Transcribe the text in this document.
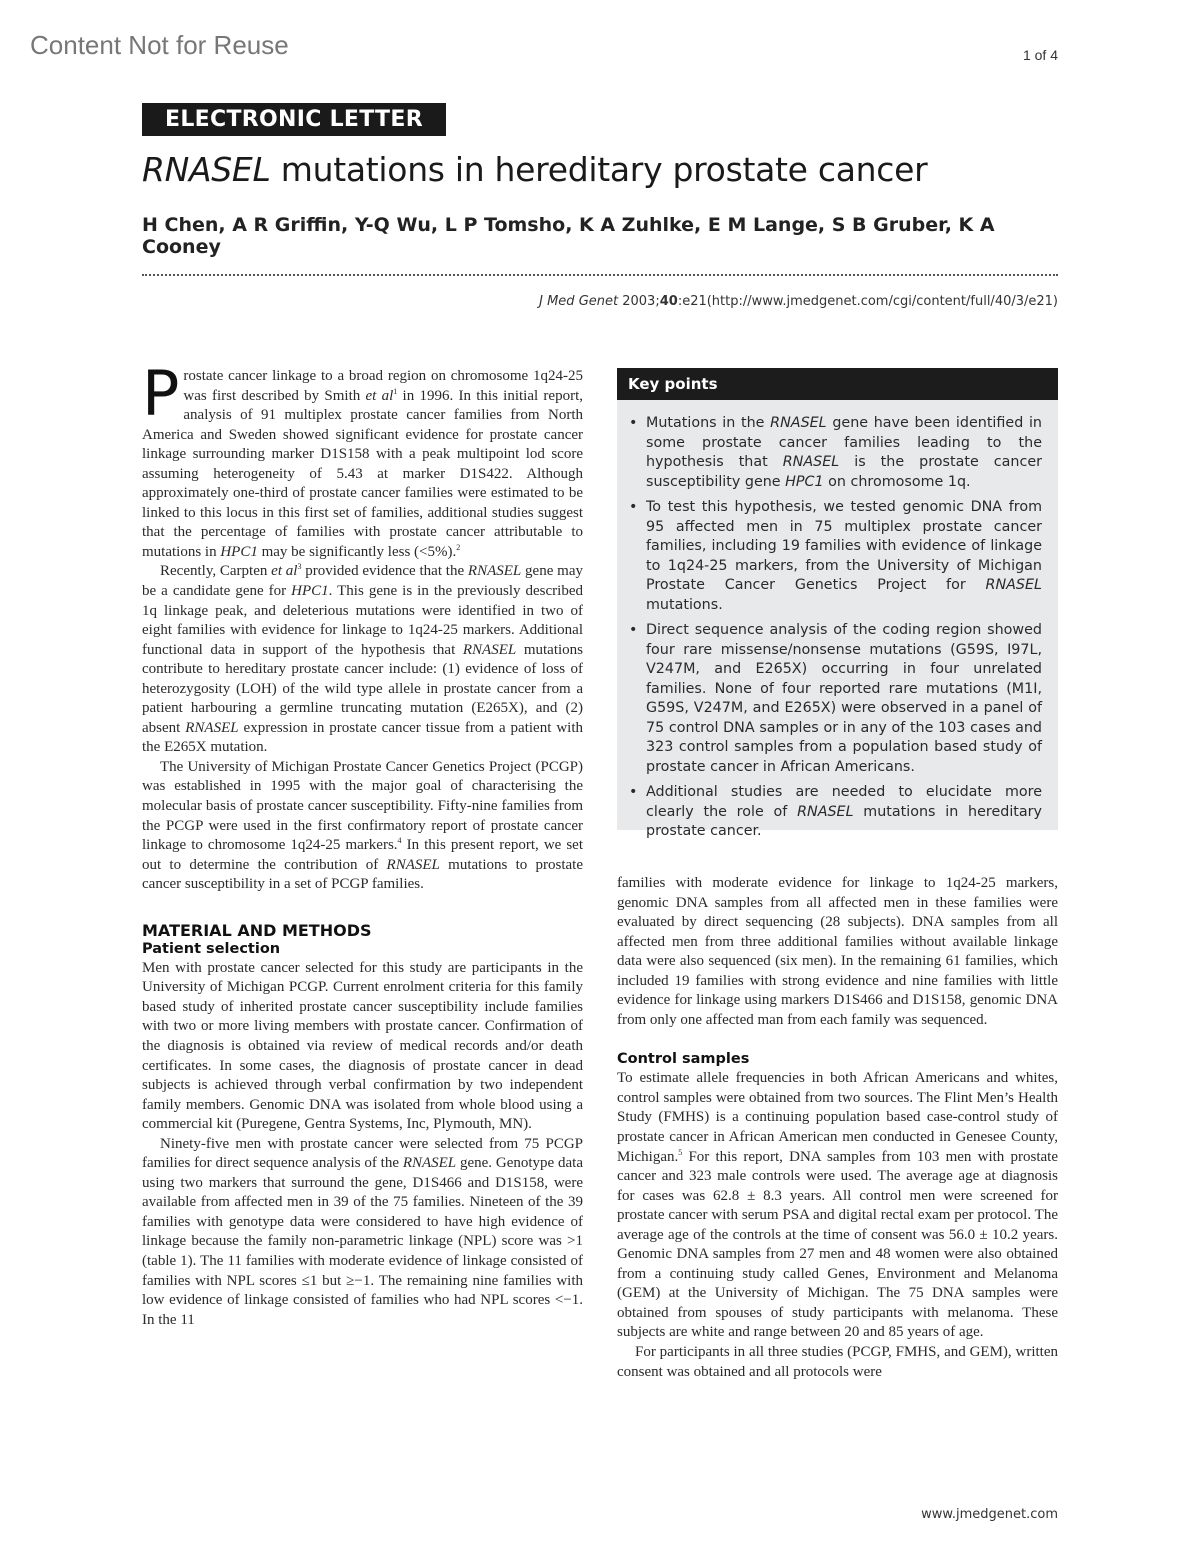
Content Not for Reuse	1 of 4
ELECTRONIC LETTER
RNASEL mutations in hereditary prostate cancer
H Chen, A R Griffin, Y-Q Wu, L P Tomsho, K A Zuhlke, E M Lange, S B Gruber, K A Cooney
J Med Genet 2003;40:e21(http://www.jmedgenet.com/cgi/content/full/40/3/e21)
P rostate cancer linkage to a broad region on chromosome 1q24-25 was first described by Smith et $al^1$ in 1996. In this initial report, analysis of 91 multiplex prostate cancer families from North America and Sweden showed significant evidence for prostate cancer linkage surrounding marker D1S158 with a peak multipoint lod score assuming heterogeneity of 5.43 at marker D1S422. Although approximately one-third of prostate cancer families were estimated to be linked to this locus in this first set of families, additional studies suggest that the percentage of families with prostate cancer attributable to mutations in HPC1 may be significantly less (<5%).$^2$

Recently, Carpten et $al^3$ provided evidence that the RNASEL gene may be a candidate gene for HPC1. This gene is in the previously described 1q linkage peak, and deleterious mutations were identified in two of eight families with evidence for linkage to 1q24-25 markers. Additional functional data in support of the hypothesis that RNASEL mutations contribute to hereditary prostate cancer include: (1) evidence of loss of heterozygosity (LOH) of the wild type allele in prostate cancer from a patient harbouring a germline truncating mutation (E265X), and (2) absent RNASEL expression in prostate cancer tissue from a patient with the E265X mutation.

The University of Michigan Prostate Cancer Genetics Project (PCGP) was established in 1995 with the major goal of characterising the molecular basis of prostate cancer susceptibility. Fifty-nine families from the PCGP were used in the first confirmatory report of prostate cancer linkage to chromosome 1q24-25 markers.$^4$ In this present report, we set out to determine the contribution of RNASEL mutations to prostate cancer susceptibility in a set of PCGP families.

MATERIAL AND METHODS
Patient selection

Men with prostate cancer selected for this study are participants in the University of Michigan PCGP. Current enrolment criteria for this family based study of inherited prostate cancer susceptibility include families with two or more living members with prostate cancer. Confirmation of the diagnosis is obtained via review of medical records and/or death certificates. In some cases, the diagnosis of prostate cancer in dead subjects is achieved through verbal confirmation by two independent family members. Genomic DNA was isolated from whole blood using a commercial kit (Puregene, Gentra Systems, Inc, Plymouth, MN).

Ninety-five men with prostate cancer were selected from 75 PCGP families for direct sequence analysis of the RNASEL gene. Genotype data using two markers that surround the gene, D1S466 and D1S158, were available from affected men in 39 of the 75 families. Nineteen of the 39 families with genotype data were considered to have high evidence of linkage because the family non-parametric linkage (NPL) score was >1 (table 1). The 11 families with moderate evidence of linkage consisted of families with NPL scores ≤1 but ≥−1. The remaining nine families with low evidence of linkage consisted of families who had NPL scores <−1. In the 11

Key points
• Mutations in the RNASEL gene have been identified in some prostate cancer families leading to the hypothesis that RNASEL is the prostate cancer susceptibility gene HPC1 on chromosome 1q.
• To test this hypothesis, we tested genomic DNA from 95 affected men in 75 multiplex prostate cancer families, including 19 families with evidence of linkage to 1q24-25 markers, from the University of Michigan Prostate Cancer Genetics Project for RNASEL mutations.
• Direct sequence analysis of the coding region showed four rare missense/nonsense mutations (G59S, I97L, V247M, and E265X) occurring in four unrelated families. None of four reported rare mutations (M1I, G59S, V247M, and E265X) were observed in a panel of 75 control DNA samples or in any of the 103 cases and 323 control samples from a population based study of prostate cancer in African Americans.
• Additional studies are needed to elucidate more clearly the role of RNASEL mutations in hereditary prostate cancer.

families with moderate evidence for linkage to 1q24-25 markers, genomic DNA samples from all affected men in these families were evaluated by direct sequencing (28 subjects). DNA samples from all affected men from three additional families without available linkage data were also sequenced (six men). In the remaining 61 families, which included 19 families with strong evidence and nine families with little evidence for linkage using markers D1S466 and D1S158, genomic DNA from only one affected man from each family was sequenced.

Control samples

To estimate allele frequencies in both African Americans and whites, control samples were obtained from two sources. The Flint Men’s Health Study (FMHS) is a continuing population based case-control study of prostate cancer in African American men conducted in Genesee County, Michigan.$^5$ For this report, DNA samples from 103 men with prostate cancer and 323 male controls were used. The average age at diagnosis for cases was 62.8 ± 8.3 years. All control men were screened for prostate cancer with serum PSA and digital rectal exam per protocol. The average age of the controls at the time of consent was 56.0 ± 10.2 years. Genomic DNA samples from 27 men and 48 women were also obtained from a continuing study called Genes, Environment and Melanoma (GEM) at the University of Michigan. The 75 DNA samples were obtained from spouses of study participants with melanoma. These subjects are white and range between 20 and 85 years of age.

For participants in all three studies (PCGP, FMHS, and GEM), written consent was obtained and all protocols were

www.jmedgenet.com
